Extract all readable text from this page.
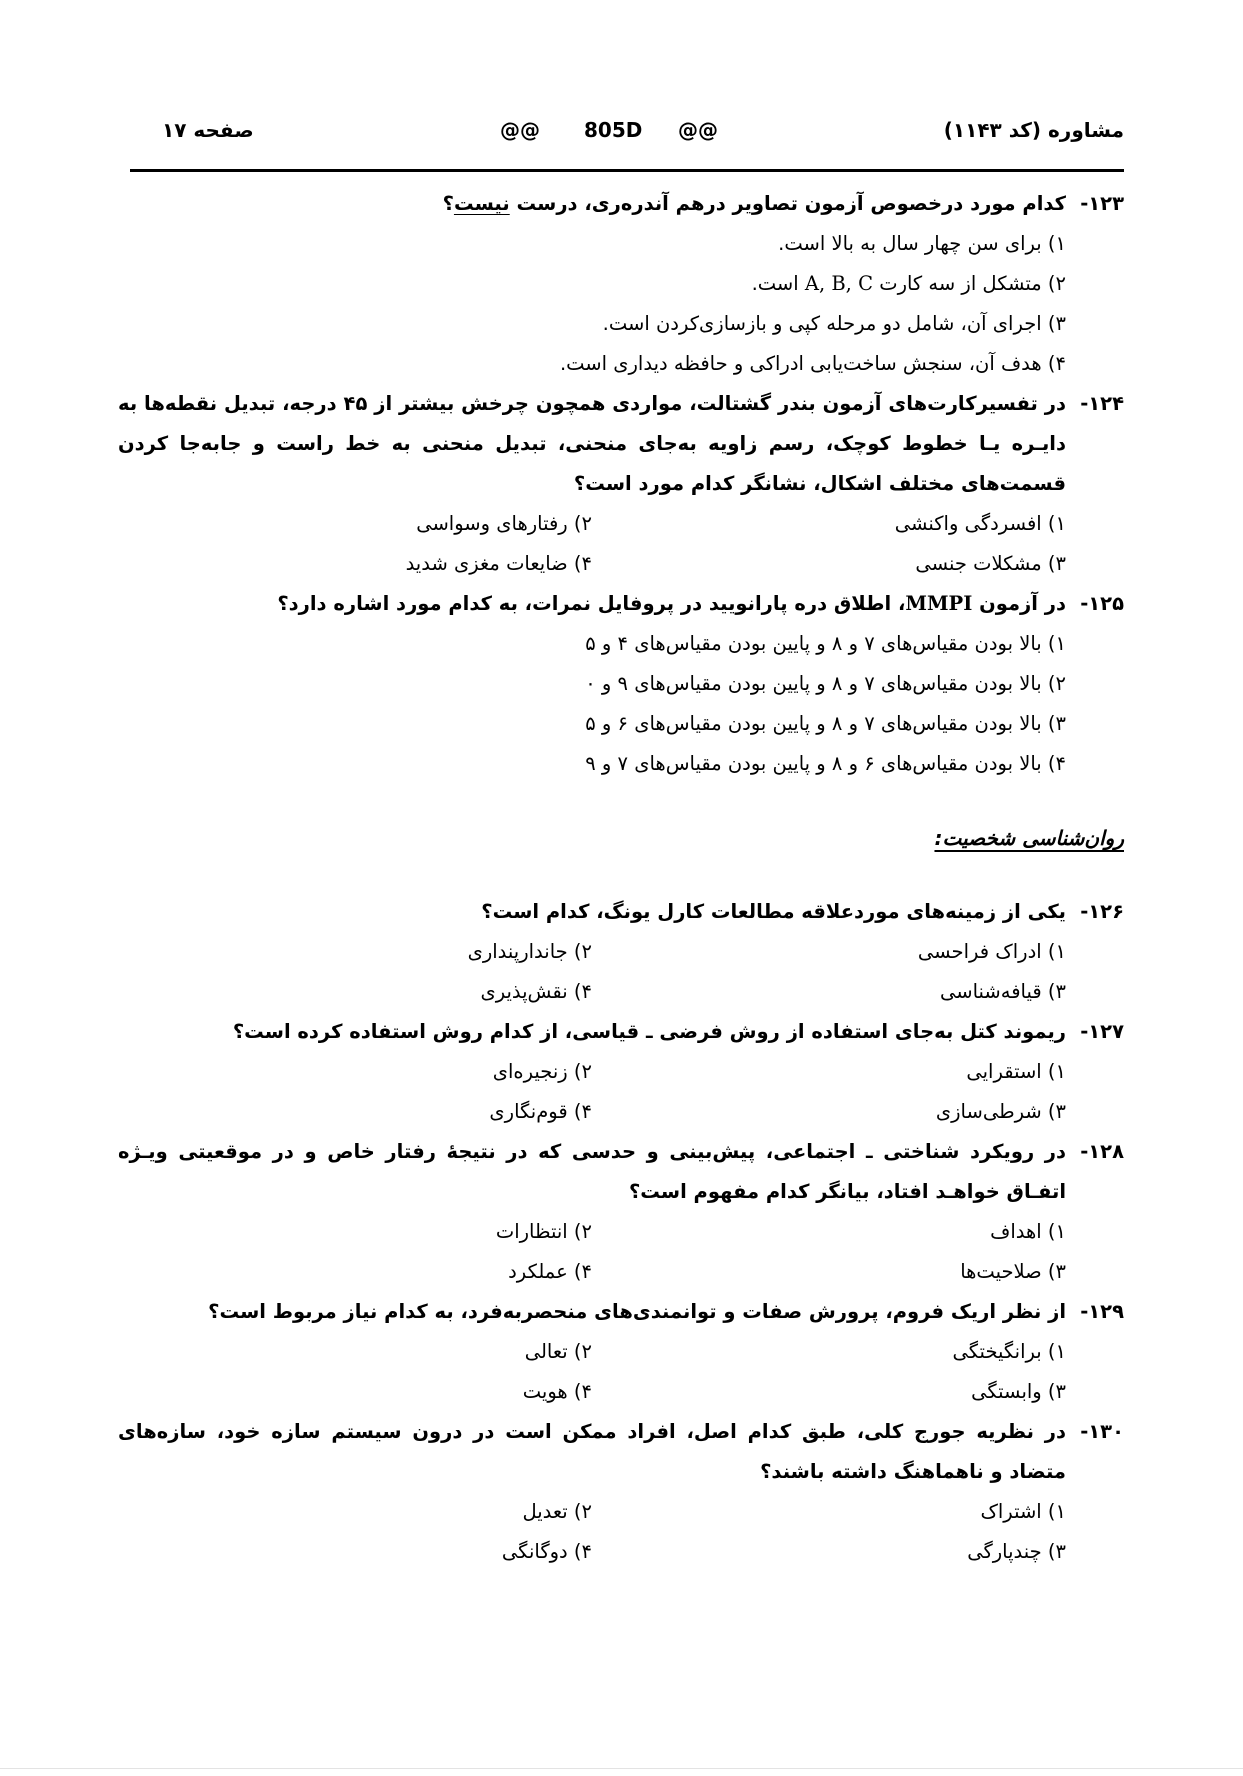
مشاوره (کد ۱۱۴۳)
@@ 805D @@
صفحه ۱۷
۱۲۳-
کدام مورد درخصوص آزمون تصاویر درهم آندره‌ری، درست نیست؟
۱) برای سن چهار سال به بالا است.
۲) متشکل از سه کارت A, B, C است.
۳) اجرای آن، شامل دو مرحله کپی و بازسازی‌کردن است.
۴) هدف آن، سنجش ساخت‌یابی ادراکی و حافظه دیداری است.
۱۲۴-
در تفسیرکارت‌های آزمون بندر گشتالت، مواردی همچون چرخش بیشتر از ۴۵ درجه، تبدیل نقطه‌ها به دایـره یـا خطوط کوچک، رسم زاویه به‌جای منحنی، تبدیل منحنی به خط راست و جابه‌جا کردن قسمت‌های مختلف اشکال، نشانگر کدام مورد است؟
۱) افسردگی واکنشی
۲) رفتارهای وسواسی
۳) مشکلات جنسی
۴) ضایعات مغزی شدید
۱۲۵-
در آزمون MMPI، اطلاق دره پارانویید در پروفایل نمرات، به کدام مورد اشاره دارد؟
۱) بالا بودن مقیاس‌های ۷ و ۸ و پایین بودن مقیاس‌های ۴ و ۵
۲) بالا بودن مقیاس‌های ۷ و ۸ و پایین بودن مقیاس‌های ۹ و ۰
۳) بالا بودن مقیاس‌های ۷ و ۸ و پایین بودن مقیاس‌های ۶ و ۵
۴) بالا بودن مقیاس‌های ۶ و ۸ و پایین بودن مقیاس‌های ۷ و ۹
روان‌شناسی شخصیت:
۱۲۶-
یکی از زمینه‌های موردعلاقه مطالعات کارل یونگ، کدام است؟
۱) ادراک فراحسی
۲) جاندارپنداری
۳) قیافه‌شناسی
۴) نقش‌پذیری
۱۲۷-
ریموند کتل به‌جای استفاده از روش فرضی ـ قیاسی، از کدام روش استفاده کرده است؟
۱) استقرایی
۲) زنجیره‌ای
۳) شرطی‌سازی
۴) قوم‌نگاری
۱۲۸-
در رویکرد شناختی ـ اجتماعی، پیش‌بینی و حدسی که در نتیجهٔ رفتار خاص و در موقعیتی ویـژه اتفـاق خواهـد افتاد، بیانگر کدام مفهوم است؟
۱) اهداف
۲) انتظارات
۳) صلاحیت‌ها
۴) عملکرد
۱۲۹-
از نظر اریک فروم، پرورش صفات و توانمندی‌های منحصربه‌فرد، به کدام نیاز مربوط است؟
۱) برانگیختگی
۲) تعالی
۳) وابستگی
۴) هویت
۱۳۰-
در نظریه جورج کلی، طبق کدام اصل، افراد ممکن است در درون سیستم سازه خود، سازه‌های متضاد و ناهماهنگ داشته باشند؟
۱) اشتراک
۲) تعدیل
۳) چندپارگی
۴) دوگانگی
